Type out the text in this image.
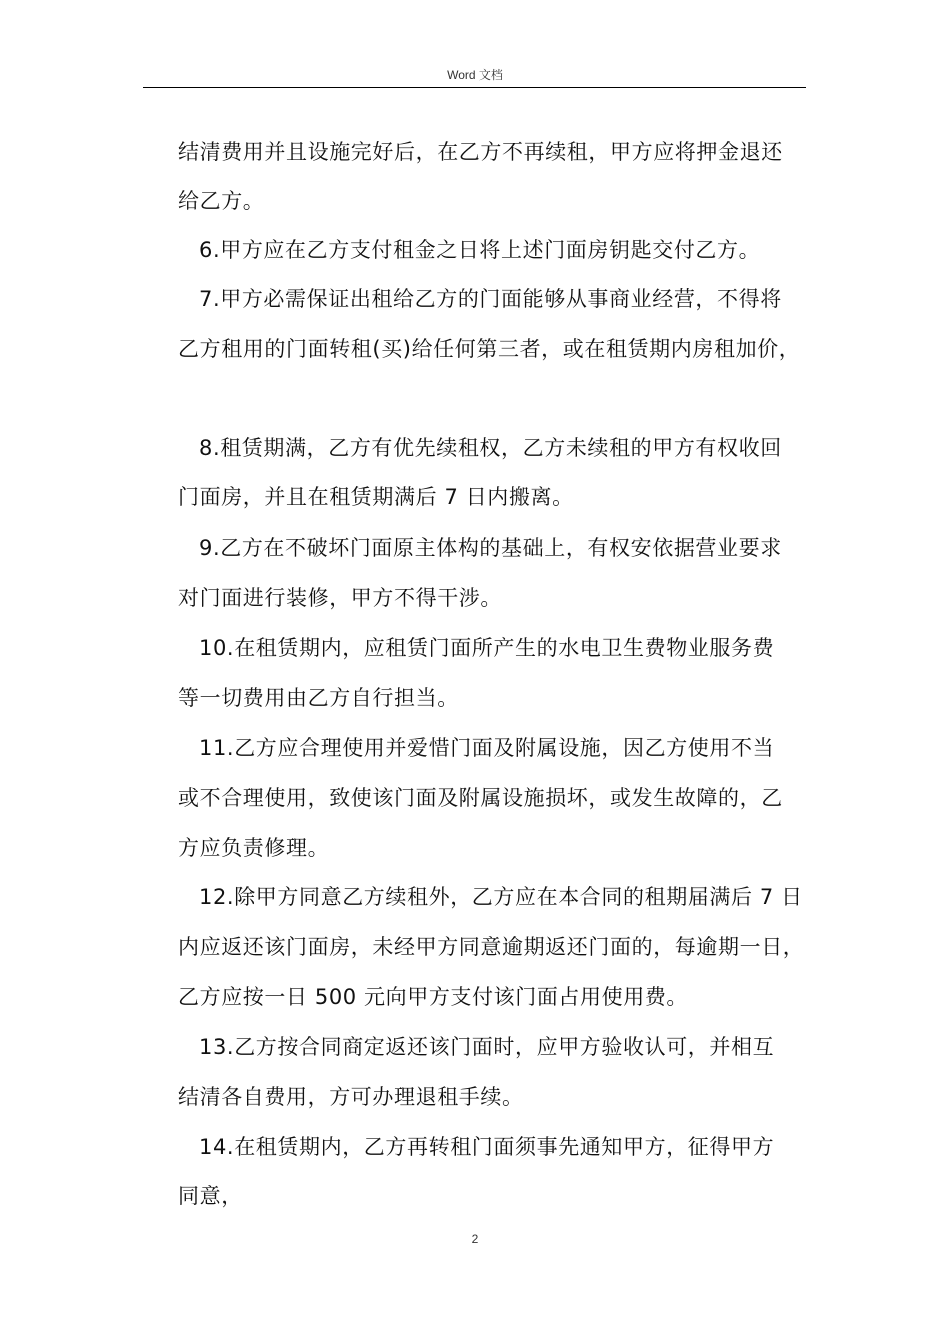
Word 文档
结清费用并且设施完好后，在乙方不再续租，甲方应将押金退还
给乙方。
6.甲方应在乙方支付租金之日将上述门面房钥匙交付乙方。
7.甲方必需保证出租给乙方的门面能够从事商业经营，不得将
乙方租用的门面转租(买)给任何第三者，或在租赁期内房租加价，
8.租赁期满，乙方有优先续租权，乙方未续租的甲方有权收回
门面房，并且在租赁期满后 7 日内搬离。
9.乙方在不破坏门面原主体构的基础上，有权安依据营业要求
对门面进行装修，甲方不得干涉。
10.在租赁期内，应租赁门面所产生的水电卫生费物业服务费
等一切费用由乙方自行担当。
11.乙方应合理使用并爱惜门面及附属设施，因乙方使用不当
或不合理使用，致使该门面及附属设施损坏，或发生故障的，乙
方应负责修理。
12.除甲方同意乙方续租外，乙方应在本合同的租期届满后 7 日
内应返还该门面房，未经甲方同意逾期返还门面的，每逾期一日，
乙方应按一日 500 元向甲方支付该门面占用使用费。
13.乙方按合同商定返还该门面时，应甲方验收认可，并相互
结清各自费用，方可办理退租手续。
14.在租赁期内，乙方再转租门面须事先通知甲方，征得甲方
同意，
2
